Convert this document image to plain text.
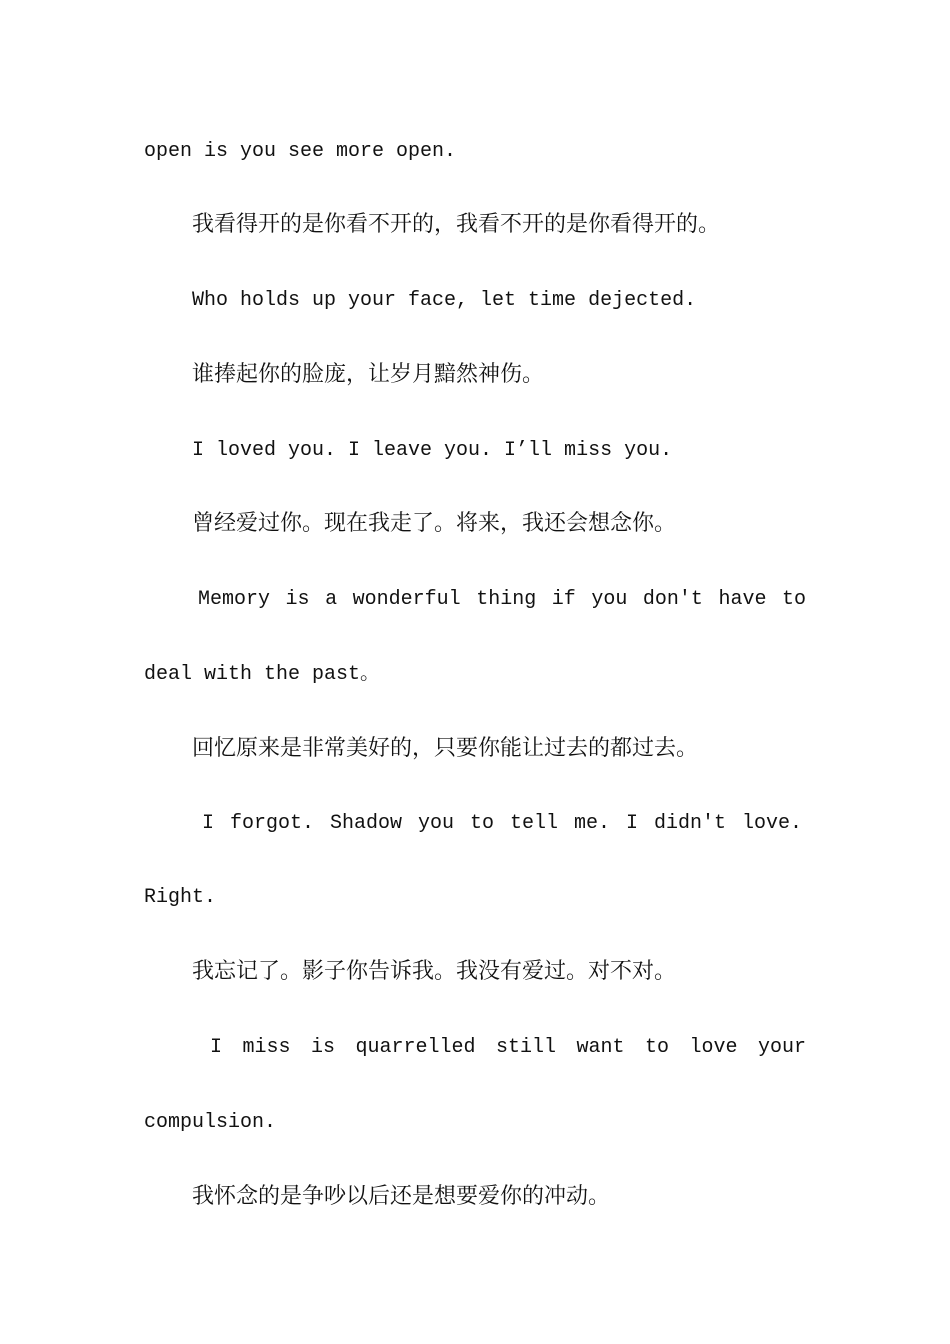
open is you see more open.

我看得开的是你看不开的，我看不开的是你看得开的。

Who holds up your face, let time dejected.

谁捧起你的脸庞，让岁月黯然神伤。

I loved you. I leave you. I’ll miss you.

曾经爱过你。现在我走了。将来，我还会想念你。

Memory is a wonderful thing if you don't have to

deal with the past。

回忆原来是非常美好的，只要你能让过去的都过去。

I forgot. Shadow you to tell me. I didn't love.

Right.

我忘记了。影子你告诉我。我没有爱过。对不对。

I miss is quarrelled still want to love your

compulsion.

我怀念的是争吵以后还是想要爱你的冲动。
